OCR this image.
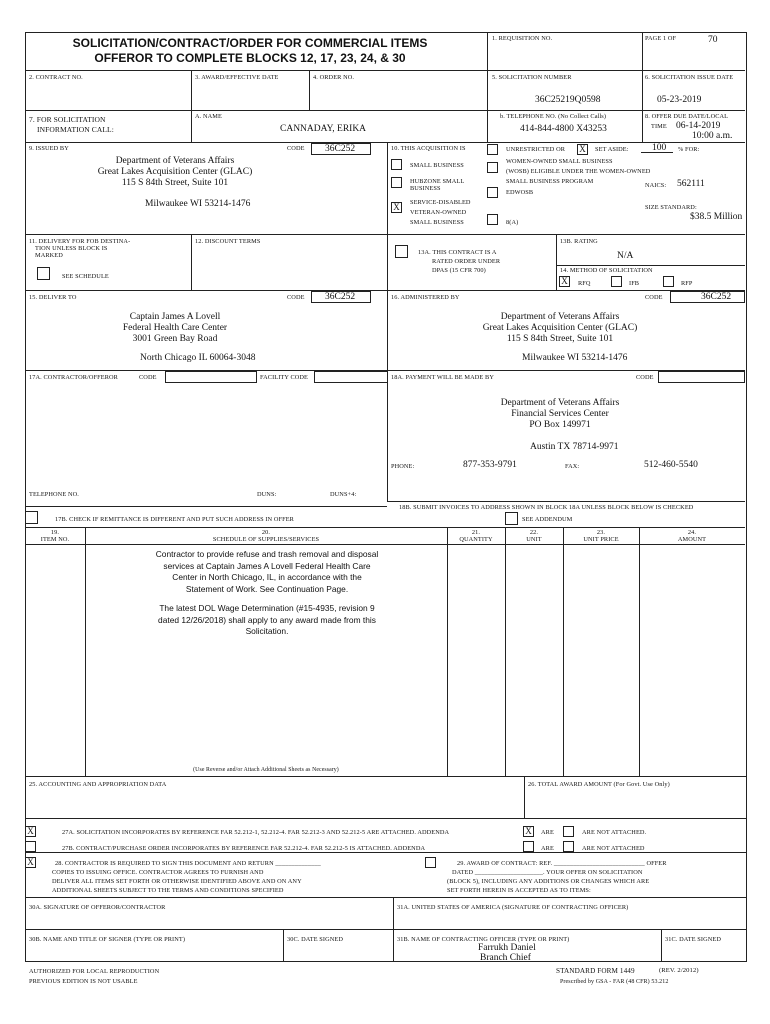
SOLICITATION/CONTRACT/ORDER FOR COMMERCIAL ITEMS
OFFEROR TO COMPLETE BLOCKS 12, 17, 23, 24, & 30
1. REQUISITION NO.	PAGE 1 OF	70
2. CONTRACT NO.	3. AWARD/EFFECTIVE DATE	4. ORDER NO.	5. SOLICITATION NUMBER
36C25219Q0598
6. SOLICITATION ISSUE DATE
05-23-2019
7. FOR SOLICITATION
INFORMATION CALL:
A. NAME
CANNADAY, ERIKA
b. TELEPHONE NO. (No Collect Calls)
414-844-4800 X43253
8. OFFER DUE DATE/LOCAL
TIME 06-14-2019
10:00 a.m.
9. ISSUED BY	CODE 36C252
Department of Veterans Affairs
Great Lakes Acquisition Center (GLAC)
115 S 84th Street, Suite 101
Milwaukee WI 53214-1476
10. THIS ACQUISITION IS	UNRESTRICTED OR X	SET ASIDE: 100 % FOR:
SMALL BUSINESS
HUBZONE SMALL
BUSINESS
X	SERVICE-DISABLED
VETERAN-OWNED
SMALL BUSINESS
WOMEN-OWNED SMALL BUSINESS
(WOSB) ELIGIBLE UNDER THE WOMEN-OWNED
SMALL BUSINESS PROGRAM
EDWOSB
8(A)
NAICS: 562111
SIZE STANDARD:
$38.5 Million
11. DELIVERY FOR FOB DESTINA-
TION UNLESS BLOCK IS
MARKED
SEE SCHEDULE
12. DISCOUNT TERMS
13A. THIS CONTRACT IS A
RATED ORDER UNDER
DPAS (15 CFR 700)
13B. RATING
N/A
14. METHOD OF SOLICITATION
X	RFQ	IFB	RFP
15. DELIVER TO	CODE 36C252
Captain James A Lovell
Federal Health Care Center
3001 Green Bay Road
North Chicago IL 60064-3048
16. ADMINISTERED BY	CODE	36C252
Department of Veterans Affairs
Great Lakes Acquisition Center (GLAC)
115 S 84th Street, Suite 101
Milwaukee WI 53214-1476
17A. CONTRACTOR/OFFEROR	CODE	FACILITY CODE
TELEPHONE NO.	DUNS:	DUNS+4:
18A. PAYMENT WILL BE MADE BY	CODE
Department of Veterans Affairs
Financial Services Center
PO Box 149971
Austin TX 78714-9971
PHONE:	877-353-9791	FAX:	512-460-5540
18B. SUBMIT INVOICES TO ADDRESS SHOWN IN BLOCK 18A UNLESS BLOCK BELOW IS CHECKED
SEE ADDENDUM
17B. CHECK IF REMITTANCE IS DIFFERENT AND PUT SUCH ADDRESS IN OFFER
19.
ITEM NO.
20.
SCHEDULE OF SUPPLIES/SERVICES
21.
QUANTITY
22.
UNIT
23.
UNIT PRICE
24.
AMOUNT
Contractor to provide refuse and trash removal and disposal
services at Captain James A Lovell Federal Health Care
Center in North Chicago, IL, in accordance with the
Statement of Work. See Continuation Page.
The latest DOL Wage Determination (#15-4935, revision 9
dated 12/26/2018) shall apply to any award made from this
Solicitation.
(Use Reverse and/or Attach Additional Sheets as Necessary)
25. ACCOUNTING AND APPROPRIATION DATA	26. TOTAL AWARD AMOUNT (For Govt. Use Only)
X	27A. SOLICITATION INCORPORATES BY REFERENCE FAR 52.212-1, 52.212-4. FAR 52.212-3 AND 52.212-5 ARE ATTACHED. ADDENDA	X	ARE	ARE NOT ATTACHED.
27B. CONTRACT/PURCHASE ORDER INCORPORATES BY REFERENCE FAR 52.212-4. FAR 52.212-5 IS ATTACHED. ADDENDA	ARE	ARE NOT ATTACHED
X	28. CONTRACTOR IS REQUIRED TO SIGN THIS DOCUMENT AND RETURN ______________
COPIES TO ISSUING OFFICE. CONTRACTOR AGREES TO FURNISH AND
DELIVER ALL ITEMS SET FORTH OR OTHERWISE IDENTIFIED ABOVE AND ON ANY
ADDITIONAL SHEETS SUBJECT TO THE TERMS AND CONDITIONS SPECIFIED
29. AWARD OF CONTRACT: REF. ____________________________ OFFER
DATED _____________________. YOUR OFFER ON SOLICITATION
(BLOCK 5), INCLUDING ANY ADDITIONS OR CHANGES WHICH ARE
SET FORTH HEREIN IS ACCEPTED AS TO ITEMS:
30A. SIGNATURE OF OFFEROR/CONTRACTOR	31A. UNITED STATES OF AMERICA (SIGNATURE OF CONTRACTING OFFICER)
30B. NAME AND TITLE OF SIGNER (TYPE OR PRINT)	30C. DATE SIGNED	31B. NAME OF CONTRACTING OFFICER (TYPE OR PRINT)
Farrukh Daniel
Branch Chief
31C. DATE SIGNED
AUTHORIZED FOR LOCAL REPRODUCTION
PREVIOUS EDITION IS NOT USABLE
STANDARD FORM 1449	(REV. 2/2012)
Prescribed by GSA - FAR (48 CFR) 53.212
